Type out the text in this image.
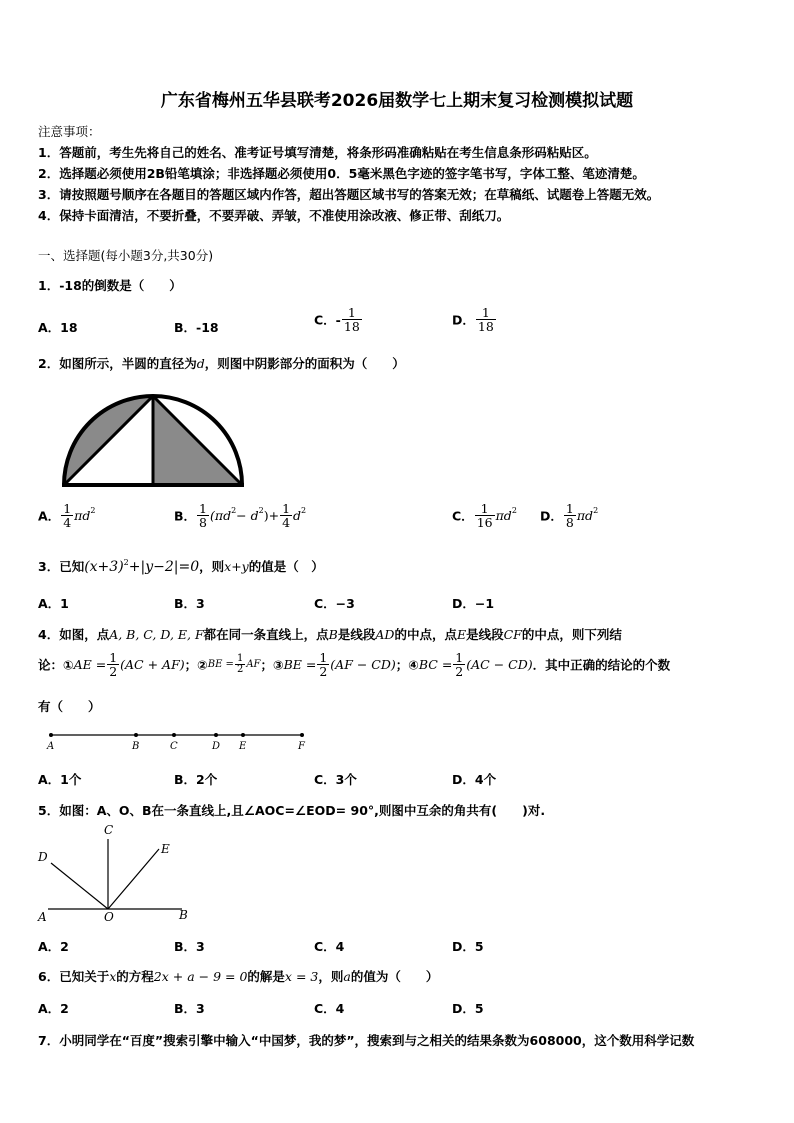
广东省梅州五华县联考2026届数学七上期末复习检测模拟试题
注意事项：
1．答题前，考生先将自己的姓名、准考证号填写清楚，将条形码准确粘贴在考生信息条形码粘贴区。
2．选择题必须使用2B铅笔填涂；非选择题必须使用0．5毫米黑色字迹的签字笔书写，字体工整、笔迹清楚。
3．请按照题号顺序在各题目的答题区域内作答，超出答题区域书写的答案无效；在草稿纸、试题卷上答题无效。
4．保持卡面清洁，不要折叠，不要弄破、弄皱，不准使用涂改液、修正带、刮纸刀。
一、选择题(每小题3分,共30分)
1．-18的倒数是（　　）
A．18	B．-18	C．- $\frac{1}{18}$	D． $\frac{1}{18}$
2．如图所示，半圆的直径为d，则图中阴影部分的面积为（　　）
A． $\frac{1}{4} \pi d^2$	B． $\frac{1}{8} (\pi d^2- d^2)+ \frac{1}{4} d^2$	C． $\frac{1}{16} \pi d^2$ D． $\frac{1}{8} \pi d^2$
3．已知$(x+3)^2+|y-2|=0$，则x+y的值是（　）
A．1	B．3	C．−3	D．−1
4．如图，点A, B, C, D, E, F都在同一条直线上，点B是线段AD的中点，点E是线段CF的中点，则下列结
论：①AE = $\frac{1}{2} (AC + AF)$；②BE = $\frac{1}{2}$ AF；③BE = $\frac{1}{2} (AF - CD)$；④BC = $\frac{1}{2} (AC - CD)$．其中正确的结论的个数
有（　　）
A	B	C	D E	F
A．1个	B．2个	C．3个	D．4个
5．如图：A、O、B在一条直线上,且∠AOC=∠EOD= 90°,则图中互余的角共有(　　)对.
C
D
E
A	O	B
A．2	B．3	C．4	D．5
6．已知关于x的方程2x + a − 9 = 0的解是x = 3，则a的值为（　　）
A．2	B．3	C．4	D．5
7．小明同学在“百度”搜索引擎中输入“中国梦，我的梦”，搜索到与之相关的结果条数为608000，这个数用科学记数
